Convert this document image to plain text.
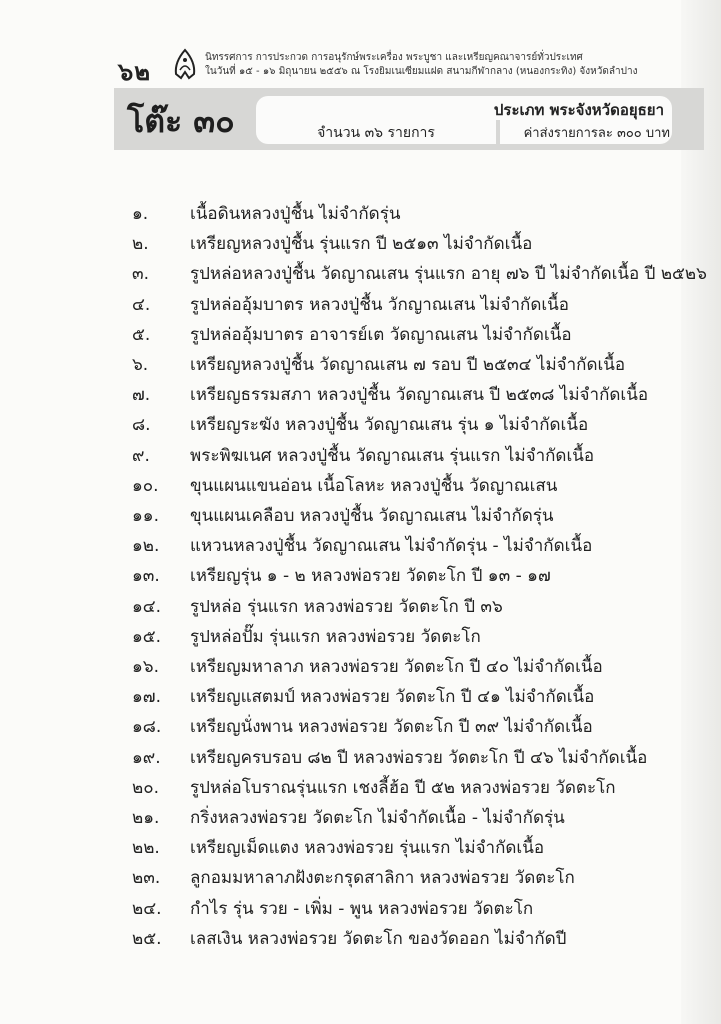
๖๒
นิทรรศการ การประกวด การอนุรักษ์พระเครื่อง พระบูชา และเหรียญคณาจารย์ทั่วประเทศ
ในวันที่ ๑๕ - ๑๖ มิถุนายน ๒๕๕๖ ณ โรงยิมเนเซียมแฝด สนามกีฬากลาง (หนองกระทิง) จังหวัดลำปาง
โต๊ะ ๓๐	ประเภท พระจังหวัดอยุธยา
จำนวน ๓๖ รายการ	ค่าส่งรายการละ ๓๐๐ บาท
๑. เนื้อดินหลวงปู่ชื้น ไม่จำกัดรุ่น
๒. เหรียญหลวงปู่ชื้น รุ่นแรก ปี ๒๕๑๓ ไม่จำกัดเนื้อ
๓. รูปหล่อหลวงปู่ชื้น วัดญาณเสน รุ่นแรก อายุ ๗๖ ปี ไม่จำกัดเนื้อ ปี ๒๕๒๖
๔. รูปหล่ออุ้มบาตร หลวงปู่ชื้น วักญาณเสน ไม่จำกัดเนื้อ
๕. รูปหล่ออุ้มบาตร อาจารย์เต วัดญาณเสน ไม่จำกัดเนื้อ
๖. เหรียญหลวงปู่ชื้น วัดญาณเสน ๗ รอบ ปี ๒๕๓๔ ไม่จำกัดเนื้อ
๗. เหรียญธรรมสภา หลวงปู่ชื้น วัดญาณเสน ปี ๒๕๓๘ ไม่จำกัดเนื้อ
๘. เหรียญระฆัง หลวงปู่ชื้น วัดญาณเสน รุ่น ๑ ไม่จำกัดเนื้อ
๙. พระพิฆเนศ หลวงปู่ชื้น วัดญาณเสน รุ่นแรก ไม่จำกัดเนื้อ
๑๐. ขุนแผนแขนอ่อน เนื้อโลหะ หลวงปู่ชื้น วัดญาณเสน
๑๑. ขุนแผนเคลือบ หลวงปู่ชื้น วัดญาณเสน ไม่จำกัดรุ่น
๑๒. แหวนหลวงปู่ชื้น วัดญาณเสน ไม่จำกัดรุ่น - ไม่จำกัดเนื้อ
๑๓. เหรียญรุ่น ๑ - ๒ หลวงพ่อรวย วัดตะโก ปี ๑๓ - ๑๗
๑๔. รูปหล่อ รุ่นแรก หลวงพ่อรวย วัดตะโก ปี ๓๖
๑๕. รูปหล่อปั๊ม รุ่นแรก หลวงพ่อรวย วัดตะโก
๑๖. เหรียญมหาลาภ หลวงพ่อรวย วัดตะโก ปี ๔๐ ไม่จำกัดเนื้อ
๑๗. เหรียญแสตมป์ หลวงพ่อรวย วัดตะโก ปี ๔๑ ไม่จำกัดเนื้อ
๑๘. เหรียญนั่งพาน หลวงพ่อรวย วัดตะโก ปี ๓๙ ไม่จำกัดเนื้อ
๑๙. เหรียญครบรอบ ๘๒ ปี หลวงพ่อรวย วัดตะโก ปี ๔๖ ไม่จำกัดเนื้อ
๒๐. รูปหล่อโบราณรุ่นแรก เชงลี้ฮ้อ ปี ๕๒ หลวงพ่อรวย วัดตะโก
๒๑. กริ่งหลวงพ่อรวย วัดตะโก ไม่จำกัดเนื้อ - ไม่จำกัดรุ่น
๒๒. เหรียญเม็ดแตง หลวงพ่อรวย รุ่นแรก ไม่จำกัดเนื้อ
๒๓. ลูกอมมหาลาภฝังตะกรุดสาลิกา หลวงพ่อรวย วัดตะโก
๒๔. กำไร รุ่น รวย - เพิ่ม - พูน หลวงพ่อรวย วัดตะโก
๒๕. เลสเงิน หลวงพ่อรวย วัดตะโก ของวัดออก ไม่จำกัดปี
